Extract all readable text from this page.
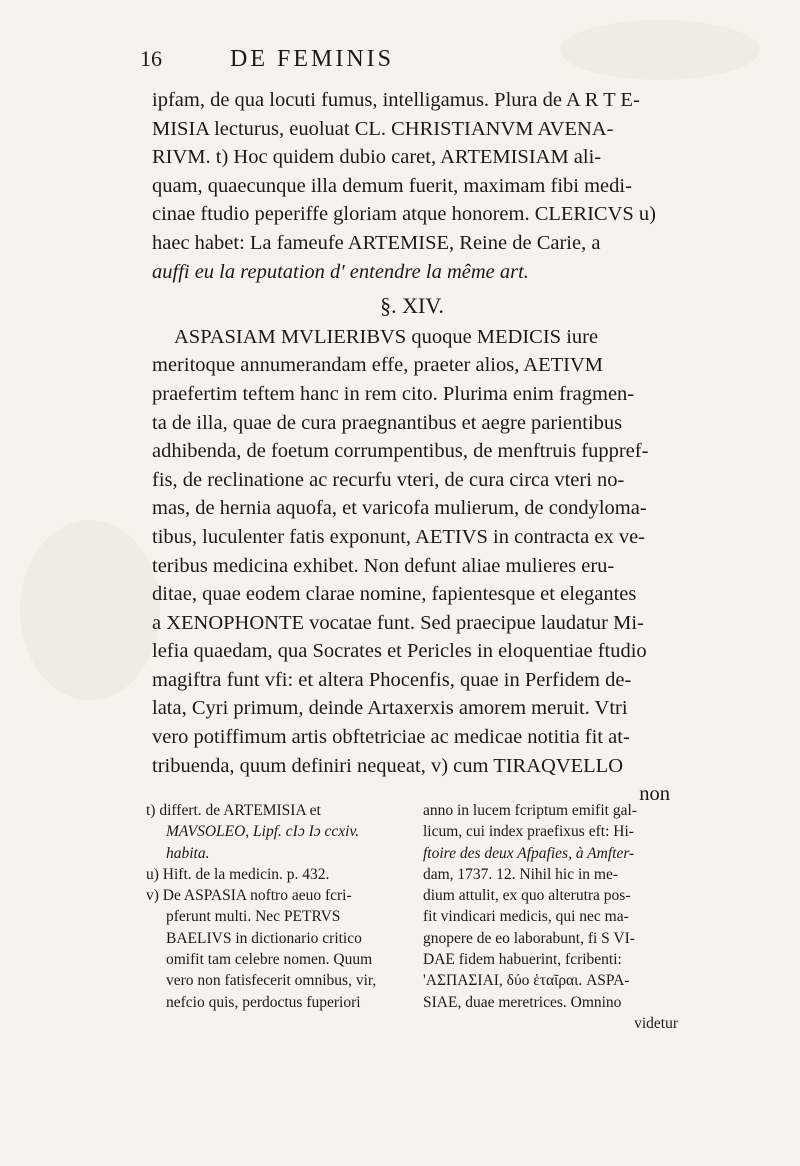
16	DE FEMINIS
ipfam, de qua locuti fumus, intelligamus. Plura de A R T E-
MISIA lecturus, euoluat CL. CHRISTIANVM AVENA-
RIVM. t) Hoc quidem dubio caret, ARTEMISIAM ali-
quam, quaecunque illa demum fuerit, maximam fibi medi-
cinae ftudio peperiffe gloriam atque honorem. CLERICVS u)
haec habet: La fameufe ARTEMISE, Reine de Carie, a
auffi eu la reputation d' entendre la même art.
§. XIV.
ASPASIAM MVLIERIBVS quoque MEDICIS iure
meritoque annumerandam effe, praeter alios, AETIVM
praefertim teftem hanc in rem cito. Plurima enim fragmen-
ta de illa, quae de cura praegnantibus et aegre parientibus
adhibenda, de foetum corrumpentibus, de menftruis fuppref-
fis, de reclinatione ac recurfu vteri, de cura circa vteri no-
mas, de hernia aquofa, et varicofa mulierum, de condyloma-
tibus, luculenter fatis exponunt, AETIVS in contracta ex ve-
teribus medicina exhibet. Non defunt aliae mulieres eru-
ditae, quae eodem clarae nomine, fapientesque et elegantes
a XENOPHONTE vocatae funt. Sed praecipue laudatur Mi-
lefia quaedam, qua Socrates et Pericles in eloquentiae ftudio
magiftra funt vfi: et altera Phocenfis, quae in Perfidem de-
lata, Cyri primum, deinde Artaxerxis amorem meruit. Vtri
vero potiffimum artis obftetriciae ac medicae notitia fit at-
tribuenda, quum definiri nequeat, v) cum TIRAQVELLO
non
t) differt. de ARTEMISIA et
MAVSOLEO, Lipf. cIɔ Iɔ ccxiv.
habita.
u) Hift. de la medicin. p. 432.
v) De ASPASIA noftro aeuo fcri-
pferunt multi. Nec PETRVS
BAELIVS in dictionario critico
omifit tam celebre nomen. Quum
vero non fatisfecerit omnibus, vir,
nefcio quis, perdoctus fuperiori
anno in lucem fcriptum emifit gal-
licum, cui index praefixus eft: Hi-
ftoire des deux Afpafies, à Amfter-
dam, 1737. 12. Nihil hic in me-
dium attulit, ex quo alterutra pos-
fit vindicari medicis, qui nec ma-
gnopere de eo laborabunt, fi S VI-
DAE fidem habuerint, fcribenti:
'ΑΣΠΑΣΙΑΙ, δύο ἑταῖραι. ASPA-
SIAE, duae meretrices. Omnino
videtur
